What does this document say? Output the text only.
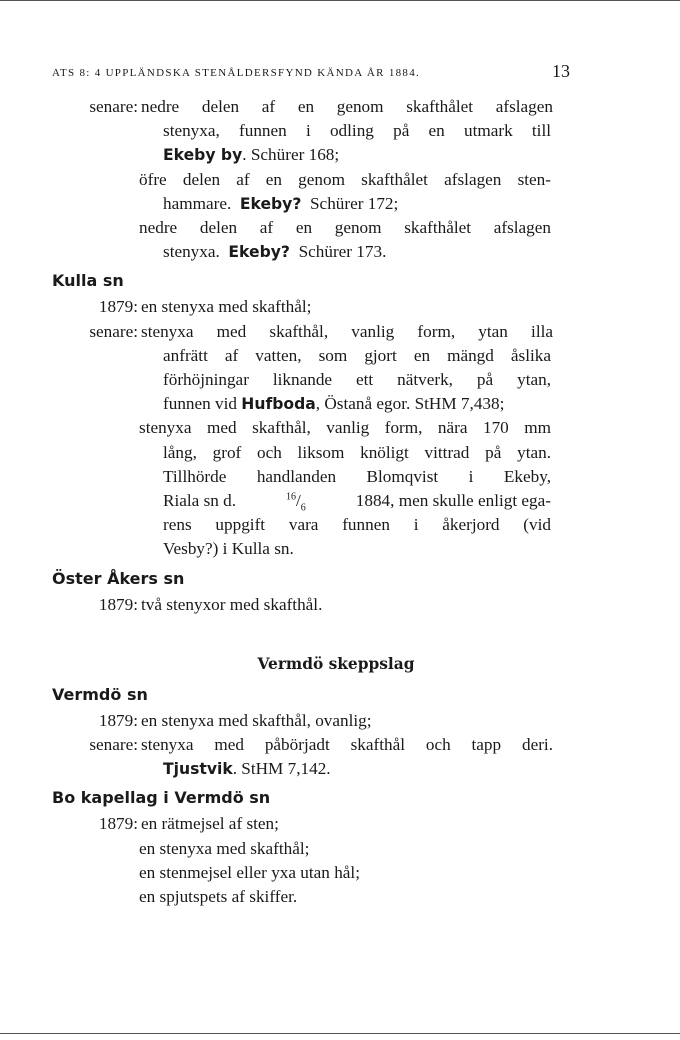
ATS 8: 4 UPPLÄNDSKA STENÅLDERSFYND KÄNDA ÅR 1884.	13
senare: nedre delen af en genom skafthålet afslagen
stenyxa, funnen i odling på en utmark till
Ekeby by . Schürer 168;
öfre delen af en genom skafthålet afslagen sten-
hammare.
Ekeby?
Schürer 172;
nedre delen af en genom skafthålet afslagen
stenyxa.
Ekeby?
Schürer 173.
Kulla sn
1879: en stenyxa med skafthål;
senare: stenyxa med skafthål, vanlig form, ytan illa
anfrätt af vatten, som gjort en mängd åslika
förhöjningar liknande ett nätverk, på ytan,
funnen vid
Hufboda , Östanå egor. StHM 7,438;
stenyxa med skafthål, vanlig form, nära 170 mm
lång, grof och liksom knöligt vittrad på ytan.
Tillhörde handlanden Blomqvist i Ekeby,
Riala sn d.	$^{16}/_6$	1884, men skulle enligt ega-
rens uppgift vara funnen i åkerjord (vid
Vesby?) i Kulla sn.
Öster Åkers sn
1879: två stenyxor med skafthål.
Vermdö skeppslag
Vermdö sn
1879: en stenyxa med skafthål, ovanlig;
senare: stenyxa med påbörjadt skafthål och tapp deri.
Tjustvik . StHM 7,142.
Bo kapellag i Vermdö sn
1879: en rätmejsel af sten;
en stenyxa med skafthål;
en stenmejsel eller yxa utan hål;
en spjutspets af skiffer.
